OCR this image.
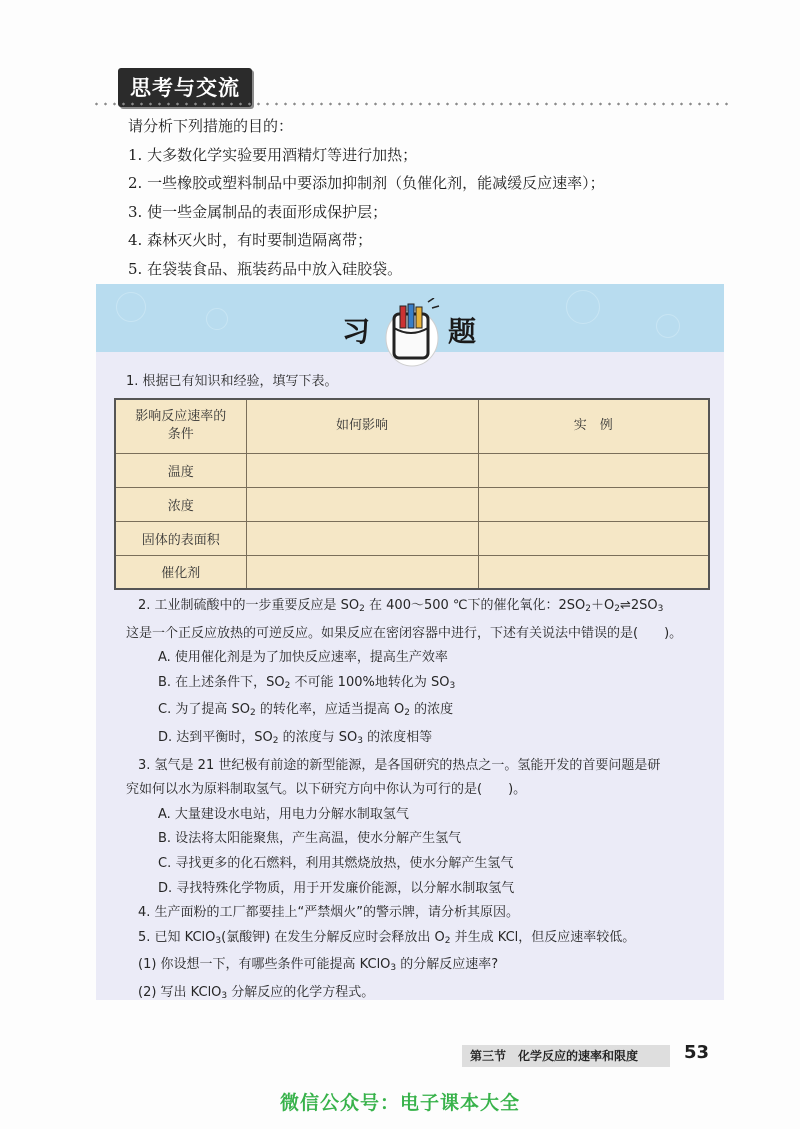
思考与交流

请分析下列措施的目的：

1. 大多数化学实验要用酒精灯等进行加热；

2. 一些橡胶或塑料制品中要添加抑制剂（负催化剂，能减缓反应速率）；

3. 使一些金属制品的表面形成保护层；

4. 森林灭火时，有时要制造隔离带；

5. 在袋装食品、瓶装药品中放入硅胶袋。

习	题
1. 根据已有知识和经验，填写下表。
影响反应速率的条件	如何影响	实　例
温度		
浓度		
固体的表面积		
催化剂		
2. 工业制硫酸中的一步重要反应是 $SO_2$ 在 400～500 ℃下的催化氧化：$2SO_2+O_2\rightleftharpoons 2SO_3$
这是一个正反应放热的可逆反应。如果反应在密闭容器中进行，下述有关说法中错误的是(　　)。
A. 使用催化剂是为了加快反应速率，提高生产效率
B. 在上述条件下，$SO_2$ 不可能 100%地转化为 $SO_3$
C. 为了提高 $SO_2$ 的转化率，应适当提高 $O_2$ 的浓度
D. 达到平衡时，$SO_2$ 的浓度与 $SO_3$ 的浓度相等
3. 氢气是 21 世纪极有前途的新型能源，是各国研究的热点之一。氢能开发的首要问题是研
究如何以水为原料制取氢气。以下研究方向中你认为可行的是(　　)。
A. 大量建设水电站，用电力分解水制取氢气
B. 设法将太阳能聚焦，产生高温，使水分解产生氢气
C. 寻找更多的化石燃料，利用其燃烧放热，使水分解产生氢气
D. 寻找特殊化学物质，用于开发廉价能源，以分解水制取氢气
4. 生产面粉的工厂都要挂上“严禁烟火”的警示牌，请分析其原因。
5. 已知 KClO$_3$(氯酸钾) 在发生分解反应时会释放出 $O_2$ 并生成 KCl，但反应速率较低。
(1) 你设想一下，有哪些条件可能提高 KClO$_3$ 的分解反应速率?
(2) 写出 KClO$_3$ 分解反应的化学方程式。
第三节　化学反应的速率和限度	53
微信公众号：电子课本大全
